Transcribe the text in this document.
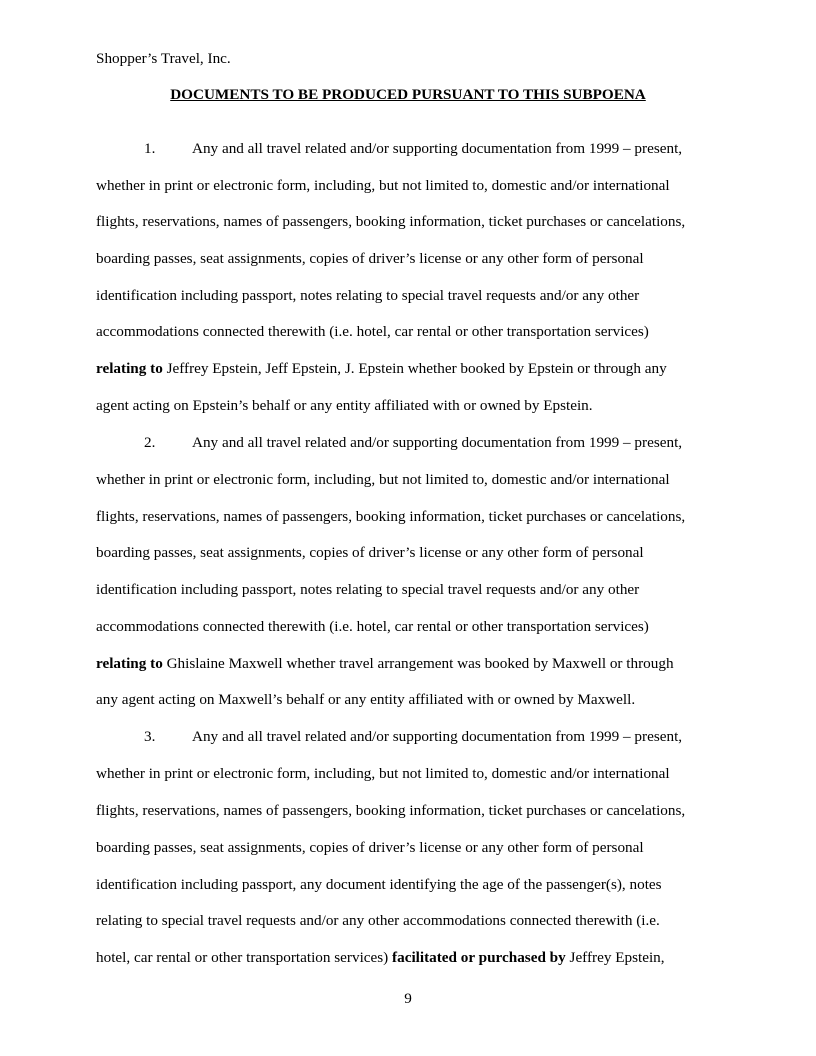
Shopper’s Travel, Inc.
DOCUMENTS TO BE PRODUCED PURSUANT TO THIS SUBPOENA
1. Any and all travel related and/or supporting documentation from 1999 – present,
whether in print or electronic form, including, but not limited to, domestic and/or international
flights, reservations, names of passengers, booking information, ticket purchases or cancelations,
boarding passes, seat assignments, copies of driver’s license or any other form of personal
identification including passport, notes relating to special travel requests and/or any other
accommodations connected therewith (i.e. hotel, car rental or other transportation services)
relating to Jeffrey Epstein, Jeff Epstein, J. Epstein whether booked by Epstein or through any
agent acting on Epstein’s behalf or any entity affiliated with or owned by Epstein.
2. Any and all travel related and/or supporting documentation from 1999 – present,
whether in print or electronic form, including, but not limited to, domestic and/or international
flights, reservations, names of passengers, booking information, ticket purchases or cancelations,
boarding passes, seat assignments, copies of driver’s license or any other form of personal
identification including passport, notes relating to special travel requests and/or any other
accommodations connected therewith (i.e. hotel, car rental or other transportation services)
relating to Ghislaine Maxwell whether travel arrangement was booked by Maxwell or through
any agent acting on Maxwell’s behalf or any entity affiliated with or owned by Maxwell.
3. Any and all travel related and/or supporting documentation from 1999 – present,
whether in print or electronic form, including, but not limited to, domestic and/or international
flights, reservations, names of passengers, booking information, ticket purchases or cancelations,
boarding passes, seat assignments, copies of driver’s license or any other form of personal
identification including passport, any document identifying the age of the passenger(s), notes
relating to special travel requests and/or any other accommodations connected therewith (i.e.
hotel, car rental or other transportation services) facilitated or purchased by Jeffrey Epstein,
9
